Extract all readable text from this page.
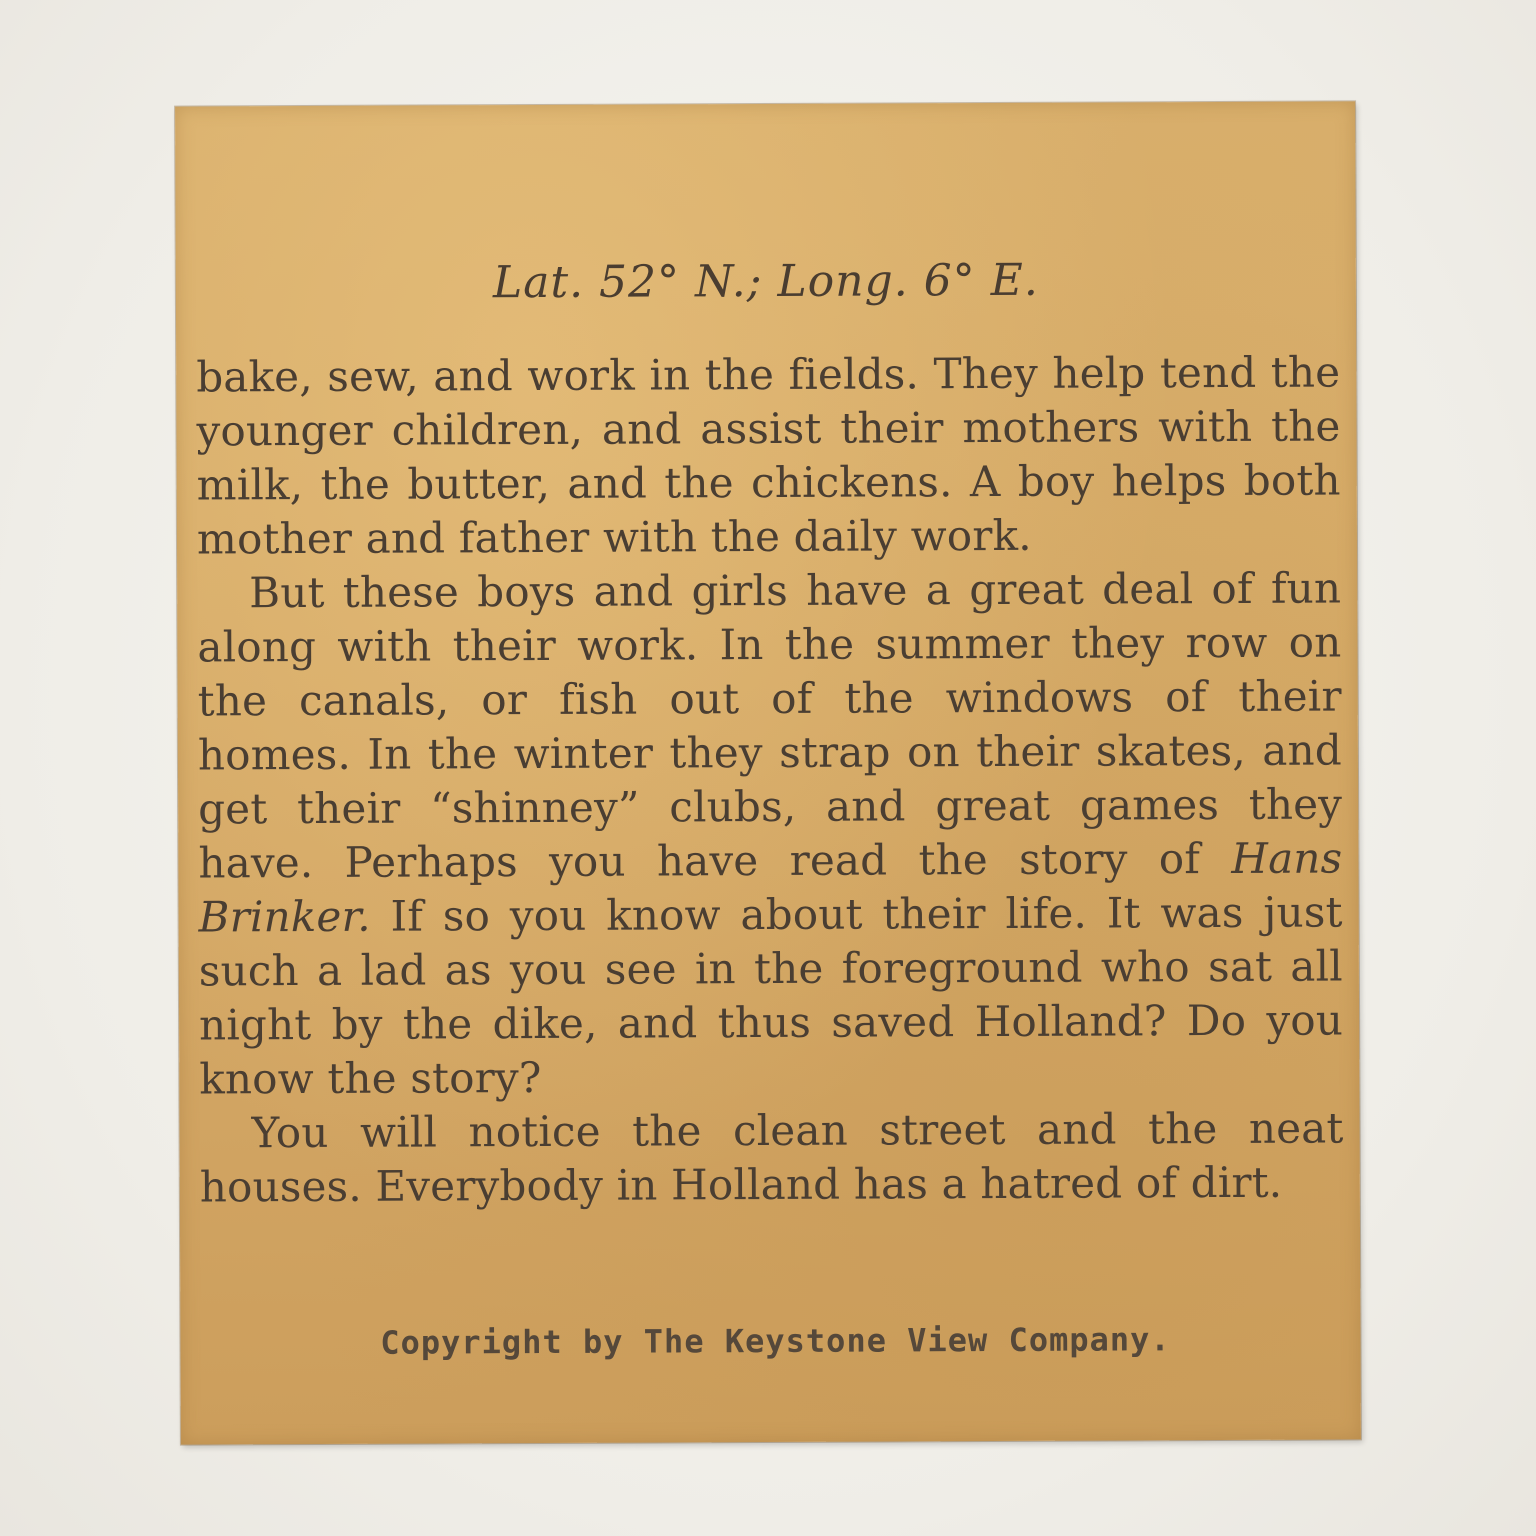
Lat. 52° N.; Long. 6° E.

bake, sew, and work in the fields. They help tend the younger children, and assist their mothers with the milk, the butter, and the chickens. A boy helps both mother and father with the daily work.

But these boys and girls have a great deal of fun along with their work. In the summer they row on the canals, or fish out of the windows of their homes. In the winter they strap on their skates, and get their “shinney” clubs, and great games they have. Perhaps you have read the story of Hans Brinker. If so you know about their life. It was just such a lad as you see in the foreground who sat all night by the dike, and thus saved Holland? Do you know the story?

You will notice the clean street and the neat houses. Everybody in Holland has a hatred of dirt.

Copyright by The Keystone View Company.
